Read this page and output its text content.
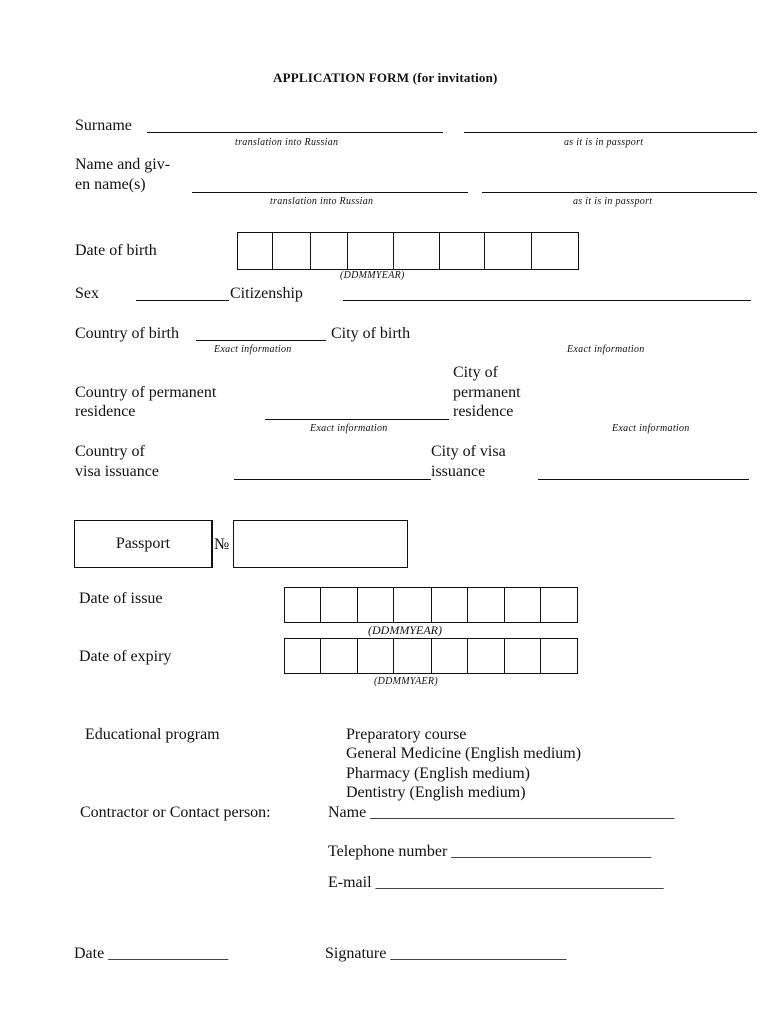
APPLICATION FORM (for invitation)
Surname
translation into Russian	as it is in passport
Name and giv-
en name(s)
translation into Russian	as it is in passport
Date of birth
(DDMMYEAR)
Sex	Citizenship
Country of birth	City of birth
Exact information	Exact information
City of
permanent
residence
Country of permanent
residence
Exact information	Exact information
Country of
visa issuance
City of visa
issuance
Passport	№
Date of issue
(DDMMYEAR)
Date of expiry
(DDMMYAER)
Educational program	Preparatory course
General Medicine (English medium)
Pharmacy (English medium)
Dentistry (English medium)
Contractor or Contact person:	Name ______________________________________
Telephone number _________________________
E-mail ____________________________________
Date _______________	Signature ______________________
